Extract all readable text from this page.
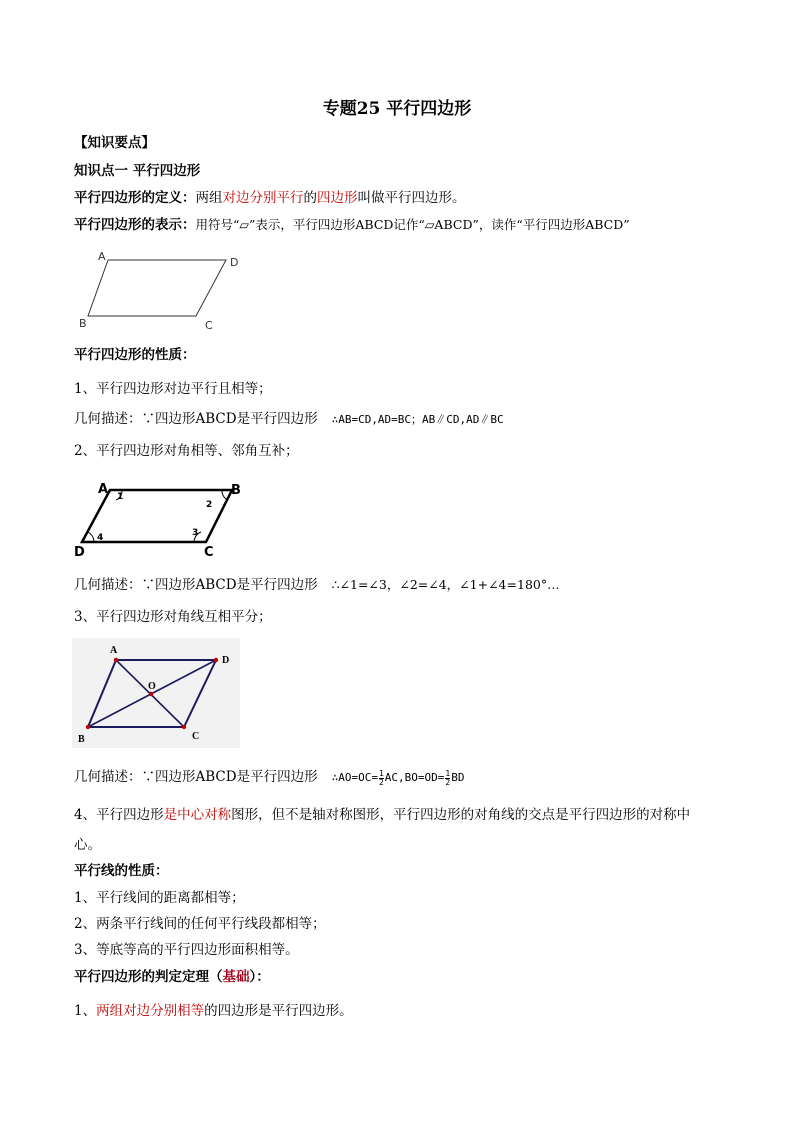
专题25 平行四边形
【知识要点】
知识点一 平行四边形
平行四边形的定义：两组对边分别平行的四边形叫做平行四边形。
平行四边形的表示：用符号“▱”表示，平行四边形ABCD记作“▱ABCD”，读作“平行四边形ABCD”
A	D
B	C
平行四边形的性质：
1、平行四边形对边平行且相等；
几何描述：∵四边形ABCD是平行四边形 ∴AB=CD,AD=BC；AB∥CD,AD∥BC
2、平行四边形对角相等、邻角互补；
A	B
C
D
1
2
3
4
几何描述：∵四边形ABCD是平行四边形 ∴∠1=∠3，∠2=∠4，∠1+∠4=180°…
3、平行四边形对角线互相平分；
A
D
B	C
O
几何描述：∵四边形ABCD是平行四边形 ∴AO=OC= $\frac{1}{2} AC,BO=OD= \frac{1}{2}$ BD
4、平行四边形是中心对称图形，但不是轴对称图形，平行四边形的对角线的交点是平行四边形的对称中
心。
平行线的性质：
1、平行线间的距离都相等；
2、两条平行线间的任何平行线段都相等；
3、等底等高的平行四边形面积相等。
平行四边形的判定定理（基础）：
1、两组对边分别相等的四边形是平行四边形。
